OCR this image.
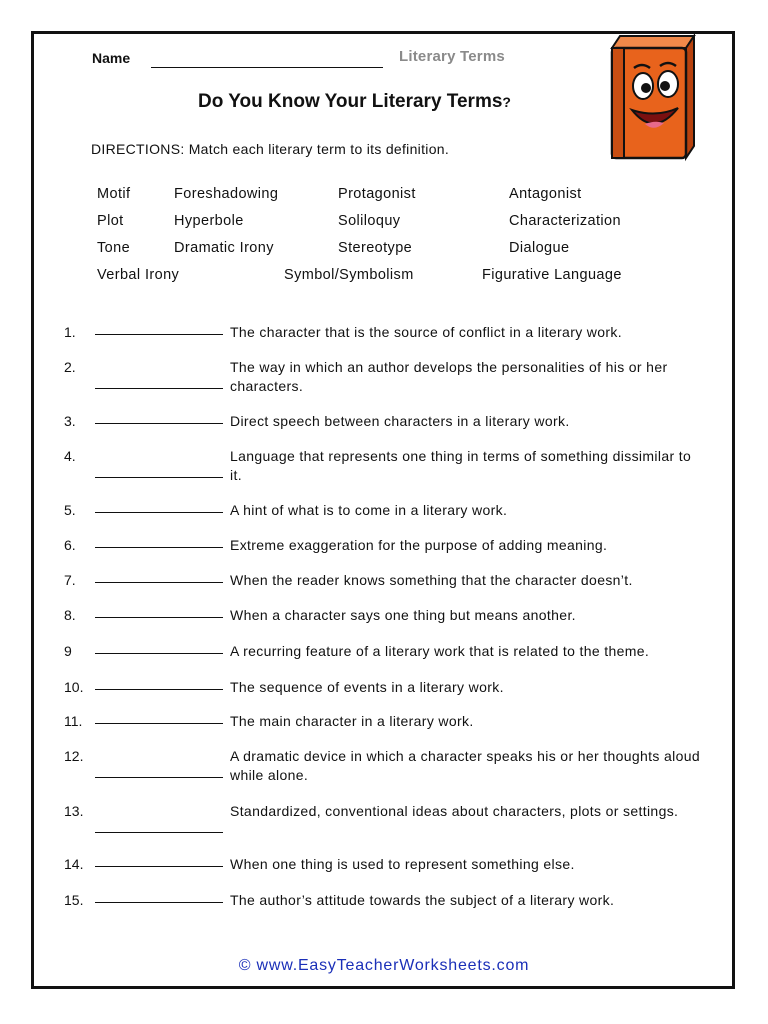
Name	Literary Terms
Do You Know Your Literary Terms?
DIRECTIONS: Match each literary term to its definition.
Motif	Foreshadowing	Protagonist	Antagonist
Plot	Hyperbole	Soliloquy	Characterization
Tone	Dramatic Irony	Stereotype	Dialogue
Verbal Irony	Symbol/Symbolism	Figurative Language
1.	The character that is the source of conflict in a literary work.
2.	The way in which an author develops the personalities of his or her characters.
3.	Direct speech between characters in a literary work.
4.	Language that represents one thing in terms of something dissimilar to it.
5.	A hint of what is to come in a literary work.
6.	Extreme exaggeration for the purpose of adding meaning.
7.	When the reader knows something that the character doesn’t.
8.	When a character says one thing but means another.
9	A recurring feature of a literary work that is related to the theme.
10.	The sequence of events in a literary work.
11.	The main character in a literary work.
12.	A dramatic device in which a character speaks his or her thoughts aloud while alone.
13.	Standardized, conventional ideas about characters, plots or settings.
14.	When one thing is used to represent something else.
15.	The author’s attitude towards the subject of a literary work.
© www.EasyTeacherWorksheets.com
